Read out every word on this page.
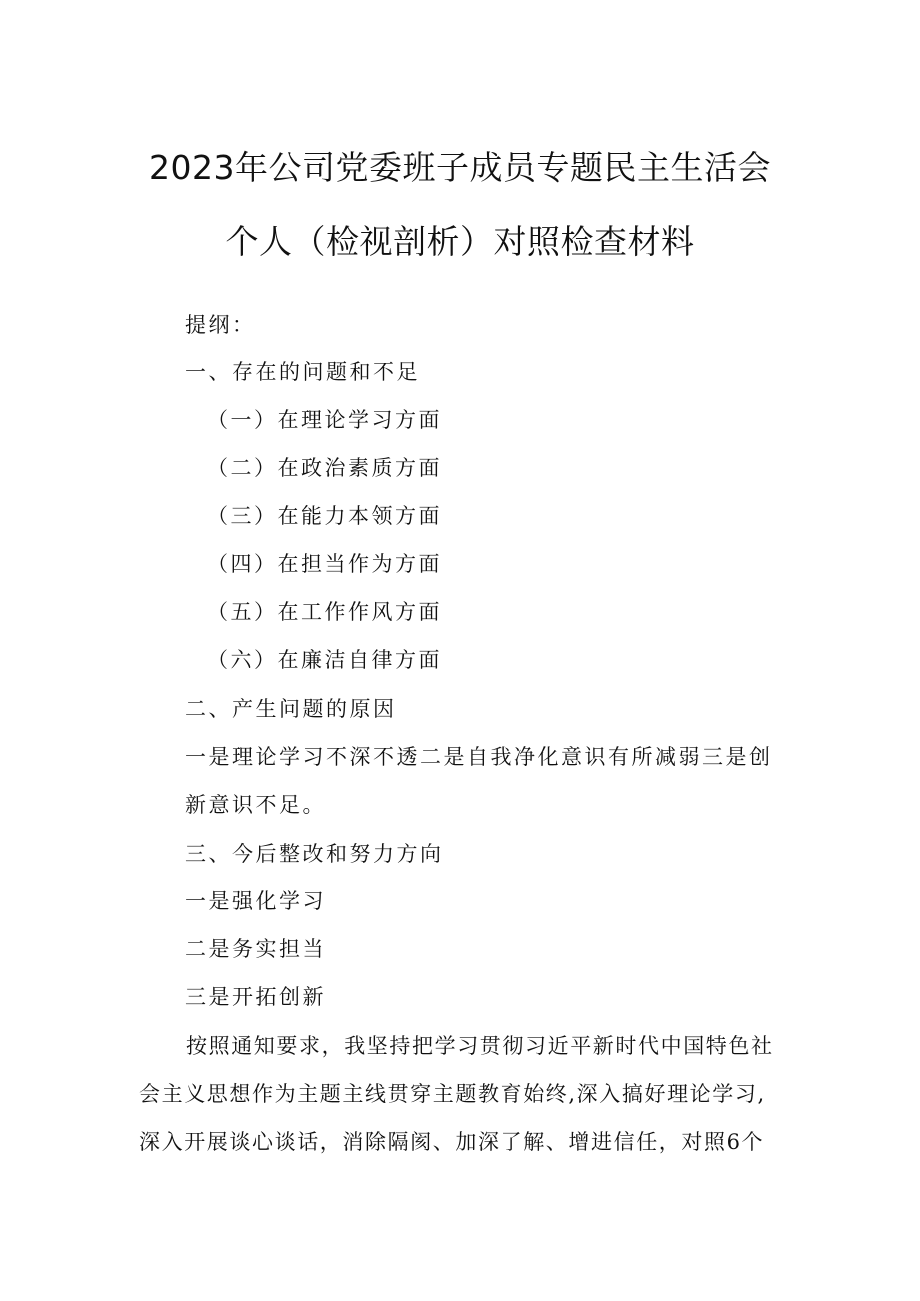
2023年公司党委班子成员专题民主生活会
个人（检视剖析）对照检查材料

提纲：

一、存在的问题和不足

（一）在理论学习方面

（二）在政治素质方面

（三）在能力本领方面

（四）在担当作为方面

（五）在工作作风方面

（六）在廉洁自律方面

二、产生问题的原因

一是理论学习不深不透二是自我净化意识有所减弱三是创

新意识不足。

三、今后整改和努力方向

一是强化学习

二是务实担当

三是开拓创新

按照通知要求，我坚持把学习贯彻习近平新时代中国特色社

会主义思想作为主题主线贯穿主题教育始终,深入搞好理论学习,

深入开展谈心谈话，消除隔阂、加深了解、增进信任，对照6个
